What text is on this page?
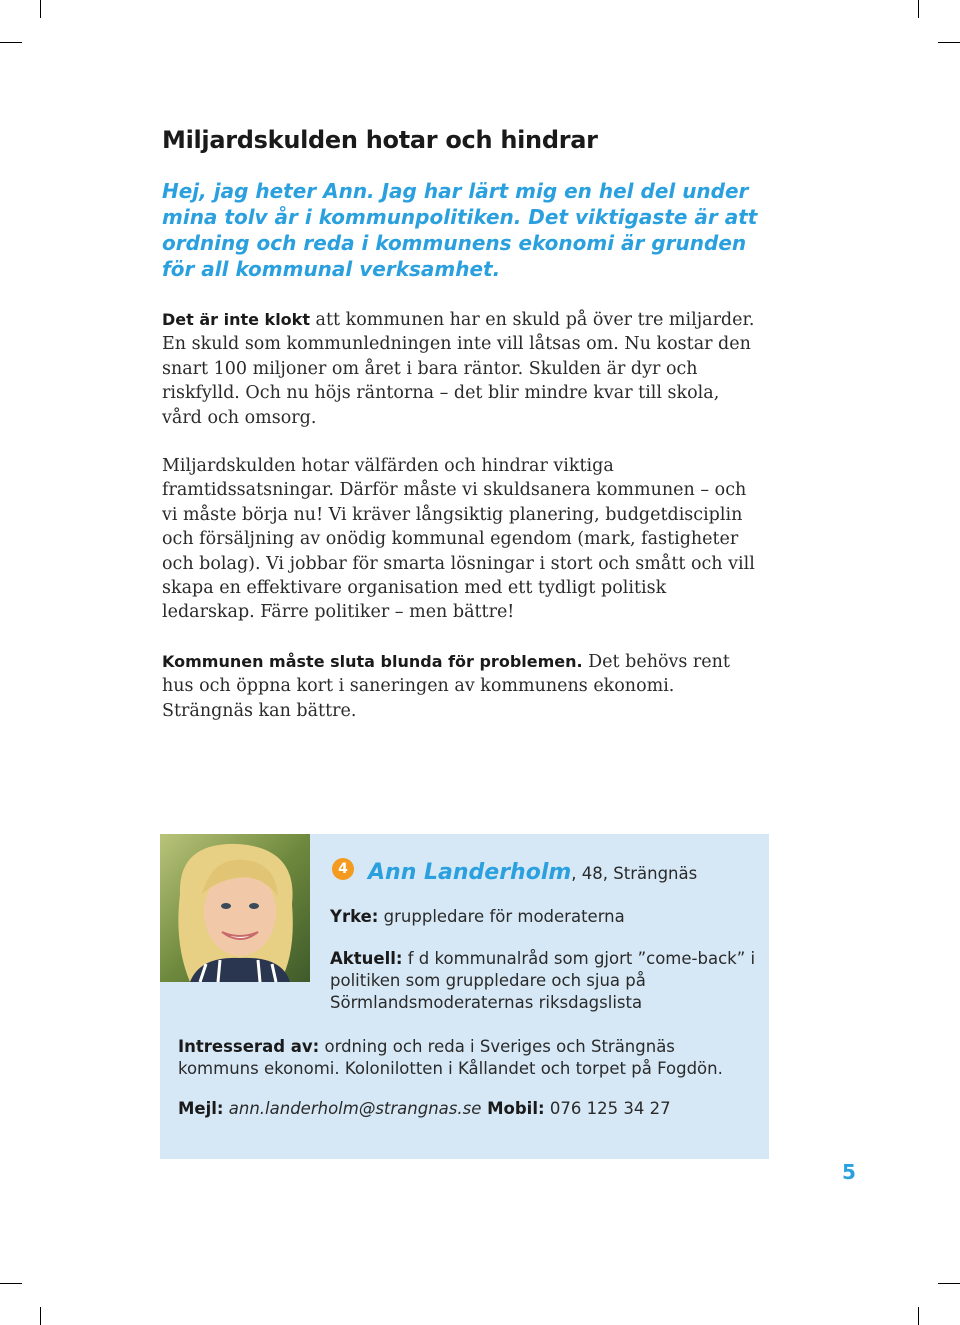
Miljardskulden hotar och hindrar

Hej, jag heter Ann. Jag har lärt mig en hel del under mina tolv år i kommunpolitiken. Det viktigaste är att ordning och reda i kommunens ekonomi är grunden för all kommunal verksamhet.

Det är inte klokt att kommunen har en skuld på över tre miljarder. En skuld som kommunledningen inte vill låtsas om. Nu kostar den snart 100 miljoner om året i bara räntor. Skulden är dyr och riskfylld. Och nu höjs räntorna – det blir mindre kvar till skola, vård och omsorg.

Miljardskulden hotar välfärden och hindrar viktiga framtidssatsningar. Därför måste vi skuldsanera kommunen – och vi måste börja nu! Vi kräver långsiktig planering, budgetdisciplin och försäljning av onödig kommunal egendom (mark, fastigheter och bolag). Vi jobbar för smarta lösningar i stort och smått och vill skapa en effektivare organisation med ett tydligt politisk ledarskap. Färre politiker – men bättre!

Kommunen måste sluta blunda för problemen. Det behövs rent hus och öppna kort i saneringen av kommunens ekonomi. Strängnäs kan bättre.

4 Ann Landerholm, 48, Strängnäs

Yrke: gruppledare för moderaterna

Aktuell: f d kommunalråd som gjort ”come-back” i politiken som gruppledare och sjua på Sörmlandsmoderaternas riksdagslista

Intresserad av: ordning och reda i Sveriges och Strängnäs kommuns ekonomi. Kolonilotten i Kållandet och torpet på Fogdön.

Mejl: ann.landerholm@strangnas.se Mobil: 076 125 34 27

5
